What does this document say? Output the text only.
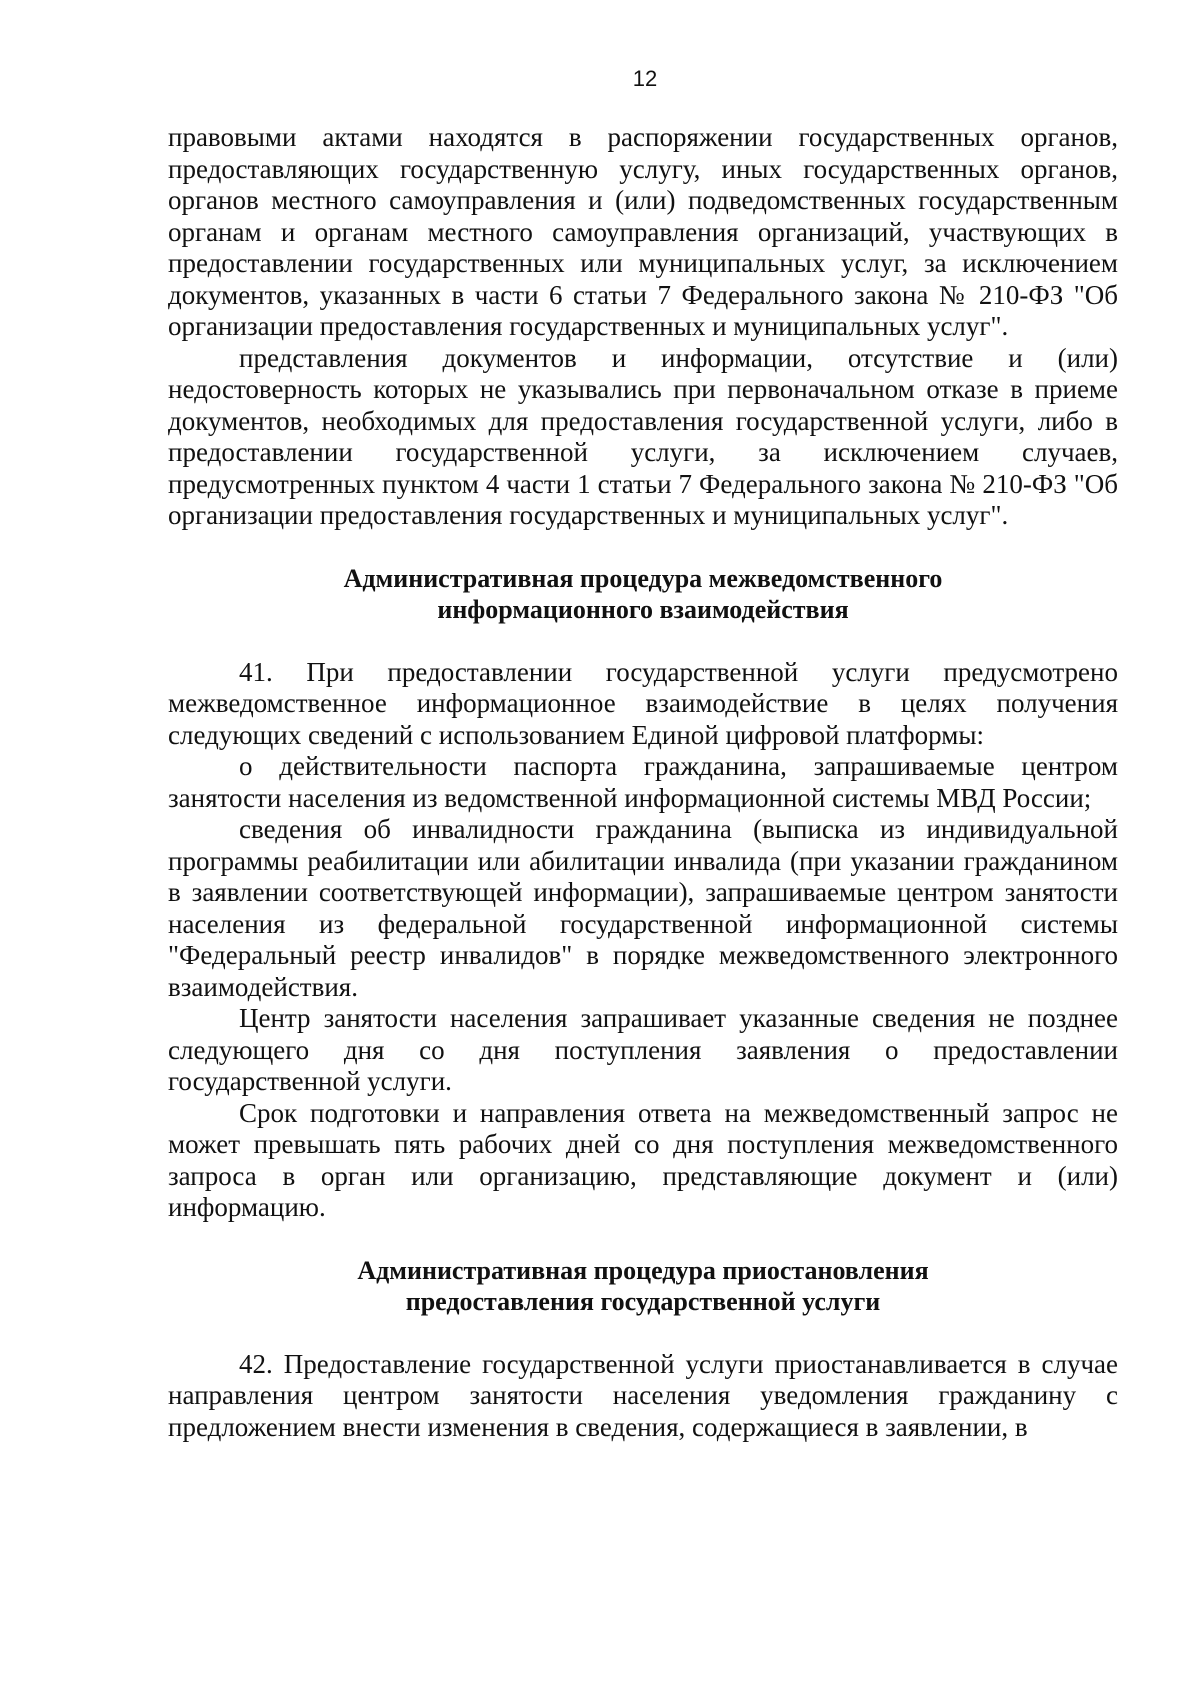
12

правовыми актами находятся в распоряжении государственных органов, предоставляющих государственную услугу, иных государственных органов, органов местного самоуправления и (или) подведомственных государственным органам и органам местного самоуправления организаций, участвующих в предоставлении государственных или муниципальных услуг, за исключением документов, указанных в части 6 статьи 7 Федерального закона № 210-ФЗ "Об организации предоставления государственных и муниципальных услуг".

представления документов и информации, отсутствие и (или) недостоверность которых не указывались при первоначальном отказе в приеме документов, необходимых для предоставления государственной услуги, либо в предоставлении государственной услуги, за исключением случаев, предусмотренных пунктом 4 части 1 статьи 7 Федерального закона № 210-ФЗ "Об организации предоставления государственных и муниципальных услуг".

Административная процедура межведомственного
информационного взаимодействия

41. При предоставлении государственной услуги предусмотрено межведомственное информационное взаимодействие в целях получения следующих сведений с использованием Единой цифровой платформы:

о действительности паспорта гражданина, запрашиваемые центром занятости населения из ведомственной информационной системы МВД России;

сведения об инвалидности гражданина (выписка из индивидуальной программы реабилитации или абилитации инвалида (при указании гражданином в заявлении соответствующей информации), запрашиваемые центром занятости населения из федеральной государственной информационной системы "Федеральный реестр инвалидов" в порядке межведомственного электронного взаимодействия.

Центр занятости населения запрашивает указанные сведения не позднее следующего дня со дня поступления заявления о предоставлении государственной услуги.

Срок подготовки и направления ответа на межведомственный запрос не может превышать пять рабочих дней со дня поступления межведомственного запроса в орган или организацию, представляющие документ и (или) информацию.

Административная процедура приостановления
предоставления государственной услуги

42. Предоставление государственной услуги приостанавливается в случае направления центром занятости населения уведомления гражданину с предложением внести изменения в сведения, содержащиеся в заявлении, в
